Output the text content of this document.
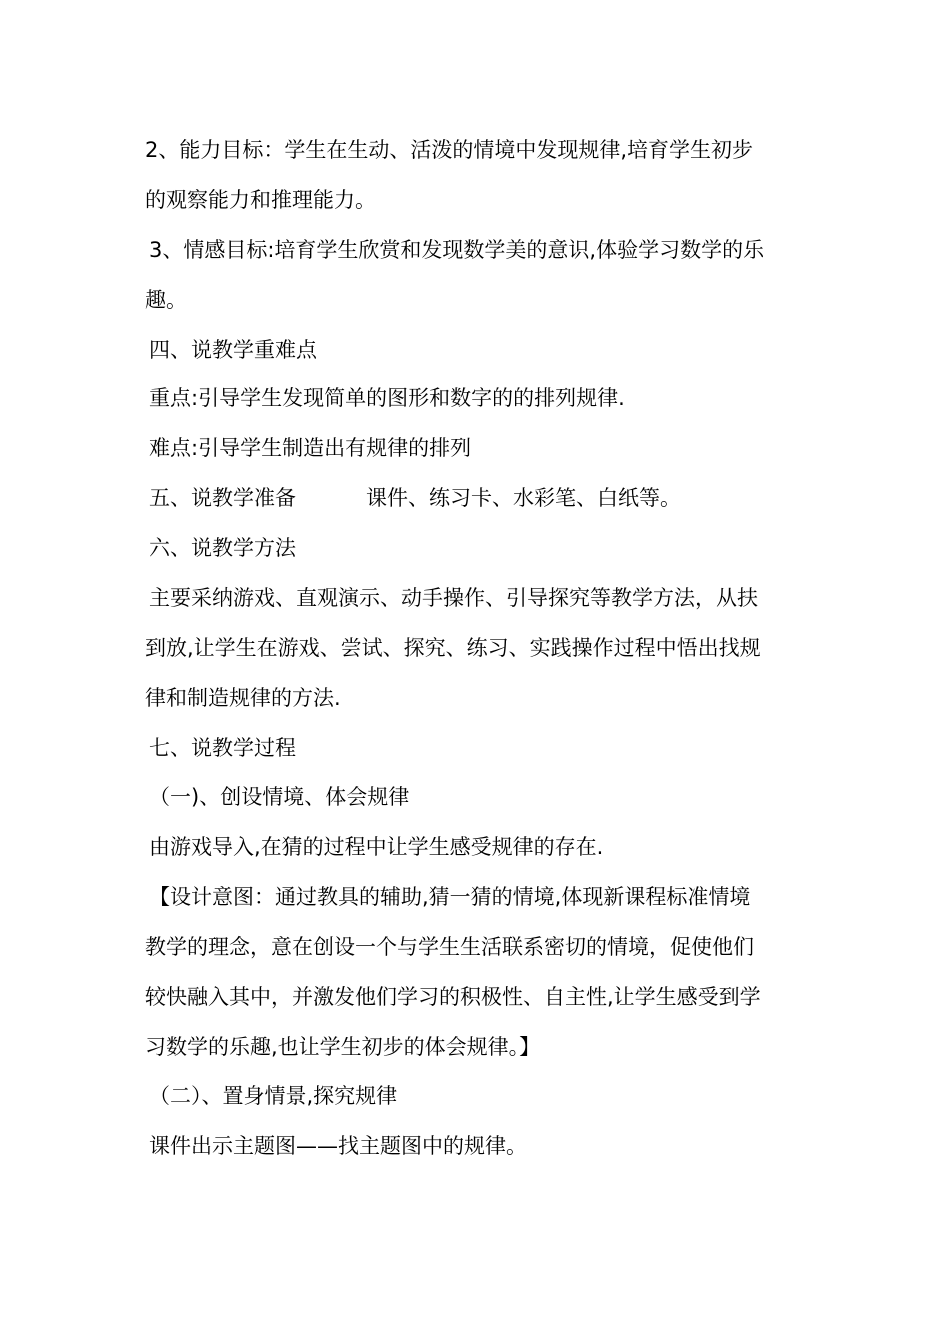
2、能力目标：学生在生动、活泼的情境中发现规律,培育学生初步
的观察能力和推理能力。
3、情感目标:培育学生欣赏和发现数学美的意识,体验学习数学的乐
趣。
四、说教学重难点
重点:引导学生发现简单的图形和数字的的排列规律.
难点:引导学生制造出有规律的排列
五、说教学准备	课件、练习卡、水彩笔、白纸等。
六、说教学方法
主要采纳游戏、直观演示、动手操作、引导探究等教学方法，从扶
到放,让学生在游戏、尝试、探究、练习、实践操作过程中悟出找规
律和制造规律的方法.
七、说教学过程
（一)、创设情境、体会规律
由游戏导入,在猜的过程中让学生感受规律的存在.
【设计意图：通过教具的辅助,猜一猜的情境,体现新课程标准情境
教学的理念，意在创设一个与学生生活联系密切的情境，促使他们
较快融入其中，并激发他们学习的积极性、自主性,让学生感受到学
习数学的乐趣,也让学生初步的体会规律。】
（二）、置身情景,探究规律
课件出示主题图——找主题图中的规律。
